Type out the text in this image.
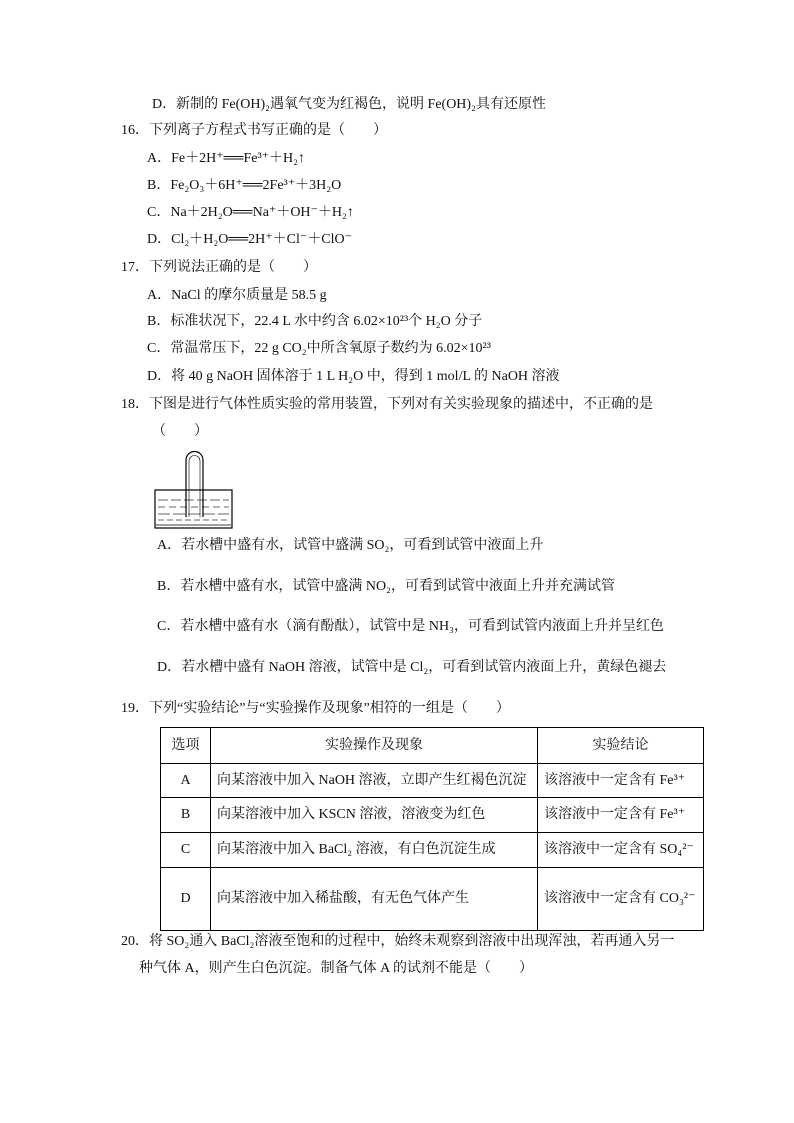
D．新制的 Fe(OH)₂遇氧气变为红褐色，说明 Fe(OH)₂具有还原性
16．下列离子方程式书写正确的是（　　）
A．Fe＋2H⁺══Fe³⁺＋H₂↑
B．Fe₂O₃＋6H⁺══2Fe³⁺＋3H₂O
C．Na＋2H₂O══Na⁺＋OH⁻＋H₂↑
D．Cl₂＋H₂O══2H⁺＋Cl⁻＋ClO⁻
17．下列说法正确的是（　　）
A．NaCl 的摩尔质量是 58.5 g
B．标准状况下，22.4 L 水中约含 6.02×10²³个 H₂O 分子
C．常温常压下，22 g CO₂中所含氧原子数约为 6.02×10²³
D．将 40 g NaOH 固体溶于 1 L H₂O 中，得到 1 mol/L 的 NaOH 溶液
18．下图是进行气体性质实验的常用装置，下列对有关实验现象的描述中，不正确的是
（　　）
A．若水槽中盛有水，试管中盛满 SO₂，可看到试管中液面上升
B．若水槽中盛有水，试管中盛满 NO₂，可看到试管中液面上升并充满试管
C．若水槽中盛有水（滴有酚酞），试管中是 NH₃，可看到试管内液面上升并呈红色
D．若水槽中盛有 NaOH 溶液，试管中是 Cl₂，可看到试管内液面上升，黄绿色褪去
19．下列“实验结论”与“实验操作及现象”相符的一组是（　　）
选项	实验操作及现象	实验结论
A	向某溶液中加入 NaOH 溶液，立即产生红褐色沉淀	该溶液中一定含有 Fe³⁺
B	向某溶液中加入 KSCN 溶液，溶液变为红色	该溶液中一定含有 Fe³⁺
C	向某溶液中加入 BaCl₂ 溶液，有白色沉淀生成	该溶液中一定含有 SO₄²⁻
D	向某溶液中加入稀盐酸，有无色气体产生	该溶液中一定含有 CO₃²⁻
20．将 SO₂通入 BaCl₂溶液至饱和的过程中，始终未观察到溶液中出现浑浊，若再通入另一
种气体 A，则产生白色沉淀。制备气体 A 的试剂不能是（　　）
